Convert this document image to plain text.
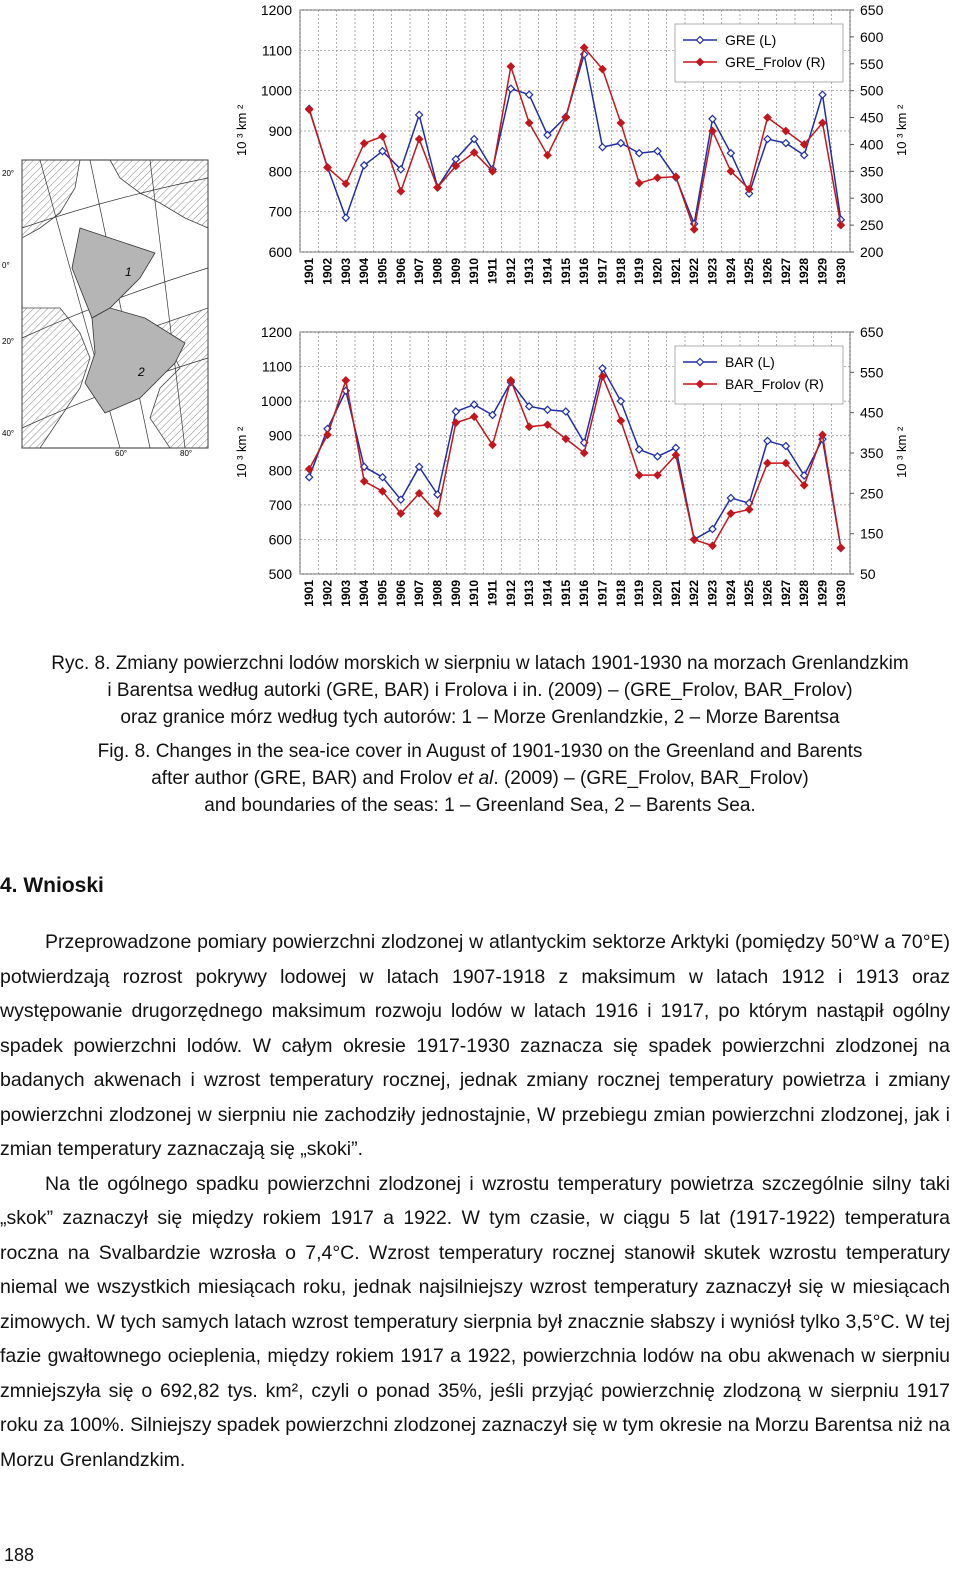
1
2
20°
0°
20°
40°
60°	80°
600
700
800
900
1000
1100
1200
200
250
300
350
400
450
500
550
600
650
10 ³ km ²	10 ³ km ²
1901 1902 1903 1904 1905 1906 1907 1908 1909 1910 1911 1912 1913 1914 1915 1916 1917 1918 1919 1920 1921 1922 1923 1924 1925 1926 1927 1928 1929 1930
GRE (L)
GRE_Frolov (R)
500
600
700
800
900
1000
1100
1200
50
150
250
350
450
550
650
10 ³ km ²	10 ³ km ²
1901 1902 1903 1904 1905 1906 1907 1908 1909 1910 1911 1912 1913 1914 1915 1916 1917 1918 1919 1920 1921 1922 1923 1924 1925 1926 1927 1928 1929 1930
BAR (L)
BAR_Frolov (R)
Ryc. 8. Zmiany powierzchni lodów morskich w sierpniu w latach 1901-1930 na morzach Grenlandzkim
i Barentsa według autorki (GRE, BAR) i Frolova i in. (2009) – (GRE_Frolov, BAR_Frolov)
oraz granice mórz według tych autorów: 1 – Morze Grenlandzkie, 2 – Morze Barentsa
Fig. 8. Changes in the sea-ice cover in August of 1901-1930 on the Greenland and Barents
after author (GRE, BAR) and Frolov et al. (2009) – (GRE_Frolov, BAR_Frolov)
and boundaries of the seas: 1 – Greenland Sea, 2 – Barents Sea.
4. Wnioski

Przeprowadzone pomiary powierzchni zlodzonej w atlantyckim sektorze Arktyki (pomiędzy 50°W a 70°E) potwierdzają rozrost pokrywy lodowej w latach 1907-1918 z maksimum w latach 1912 i 1913 oraz występowanie drugorzędnego maksimum rozwoju lodów w latach 1916 i 1917, po którym nastąpił ogólny spadek powierzchni lodów. W całym okresie 1917-1930 zaznacza się spadek powierzchni zlodzonej na badanych akwenach i wzrost temperatury rocznej, jednak zmiany rocznej temperatury powietrza i zmiany powierzchni zlodzonej w sierpniu nie zachodziły jednostajnie, W przebiegu zmian powierzchni zlodzonej, jak i zmian temperatury zaznaczają się „skoki”.

Na tle ogólnego spadku powierzchni zlodzonej i wzrostu temperatury powietrza szczególnie silny taki „skok” zaznaczył się między rokiem 1917 a 1922. W tym czasie, w ciągu 5 lat (1917-1922) temperatura roczna na Svalbardzie wzrosła o 7,4°C. Wzrost temperatury rocznej stanowił skutek wzrostu temperatury niemal we wszystkich miesiącach roku, jednak najsilniejszy wzrost temperatury zaznaczył się w miesiącach zimowych. W tych samych latach wzrost temperatury sierpnia był znacznie słabszy i wyniósł tylko 3,5°C. W tej fazie gwałtownego ocieplenia, między rokiem 1917 a 1922, powierzchnia lodów na obu akwenach w sierpniu zmniejszyła się o 692,82 tys. km², czyli o ponad 35%, jeśli przyjąć powierzchnię zlodzoną w sierpniu 1917 roku za 100%. Silniejszy spadek powierzchni zlodzonej zaznaczył się w tym okresie na Morzu Barentsa niż na Morzu Grenlandzkim.

188
